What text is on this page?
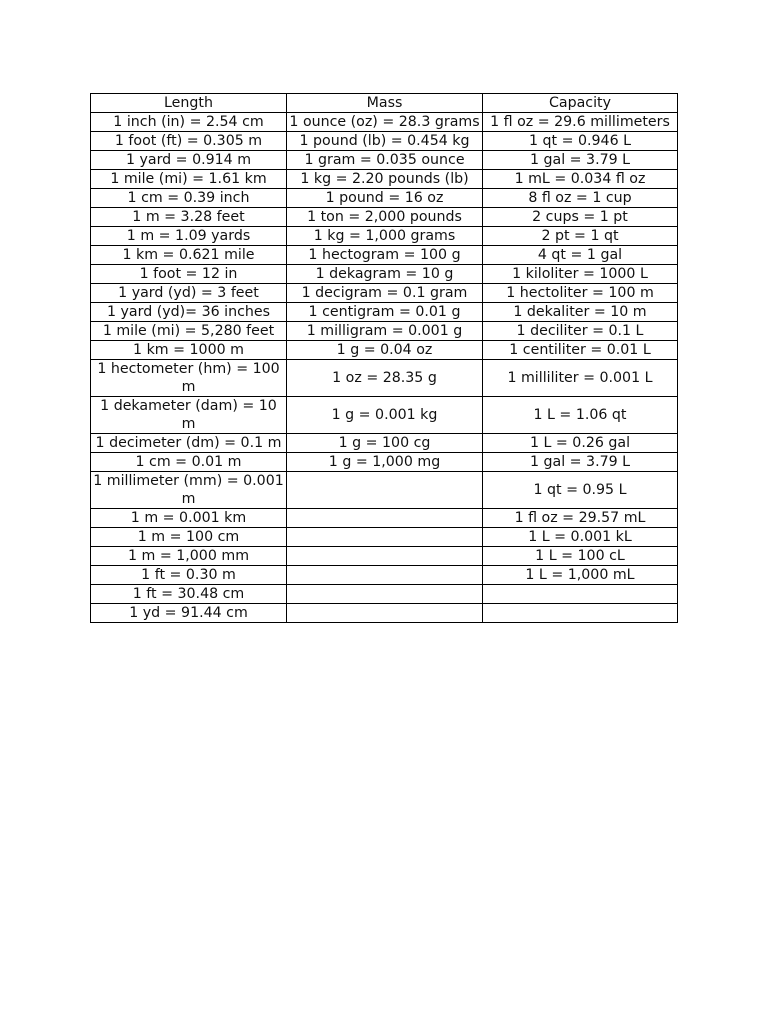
Length	Mass	Capacity
1 inch (in) = 2.54 cm	1 ounce (oz) = 28.3 grams	1 fl oz = 29.6 millimeters
1 foot (ft) = 0.305 m	1 pound (lb) = 0.454 kg	1 qt = 0.946 L
1 yard = 0.914 m	1 gram = 0.035 ounce	1 gal = 3.79 L
1 mile (mi) = 1.61 km	1 kg = 2.20 pounds (lb)	1 mL = 0.034 fl oz
1 cm = 0.39 inch	1 pound = 16 oz	8 fl oz = 1 cup
1 m = 3.28 feet	1 ton = 2,000 pounds	2 cups = 1 pt
1 m = 1.09 yards	1 kg = 1,000 grams	2 pt = 1 qt
1 km = 0.621 mile	1 hectogram = 100 g	4 qt = 1 gal
1 foot = 12 in	1 dekagram = 10 g	1 kiloliter = 1000 L
1 yard (yd) = 3 feet	1 decigram = 0.1 gram	1 hectoliter = 100 m
1 yard (yd)= 36 inches	1 centigram = 0.01 g	1 dekaliter = 10 m
1 mile (mi) = 5,280 feet	1 milligram = 0.001 g	1 deciliter = 0.1 L
1 km = 1000 m	1 g = 0.04 oz	1 centiliter = 0.01 L
1 hectometer (hm) = 100 m	1 oz = 28.35 g	1 milliliter = 0.001 L
1 dekameter (dam) = 10 m	1 g = 0.001 kg	1 L = 1.06 qt
1 decimeter (dm) = 0.1 m	1 g = 100 cg	1 L = 0.26 gal
1 cm = 0.01 m	1 g = 1,000 mg	1 gal = 3.79 L
1 millimeter (mm) = 0.001 m		1 qt = 0.95 L
1 m = 0.001 km		1 fl oz = 29.57 mL
1 m = 100 cm		1 L = 0.001 kL
1 m = 1,000 mm		1 L = 100 cL
1 ft = 0.30 m		1 L = 1,000 mL
1 ft = 30.48 cm		
1 yd = 91.44 cm		
